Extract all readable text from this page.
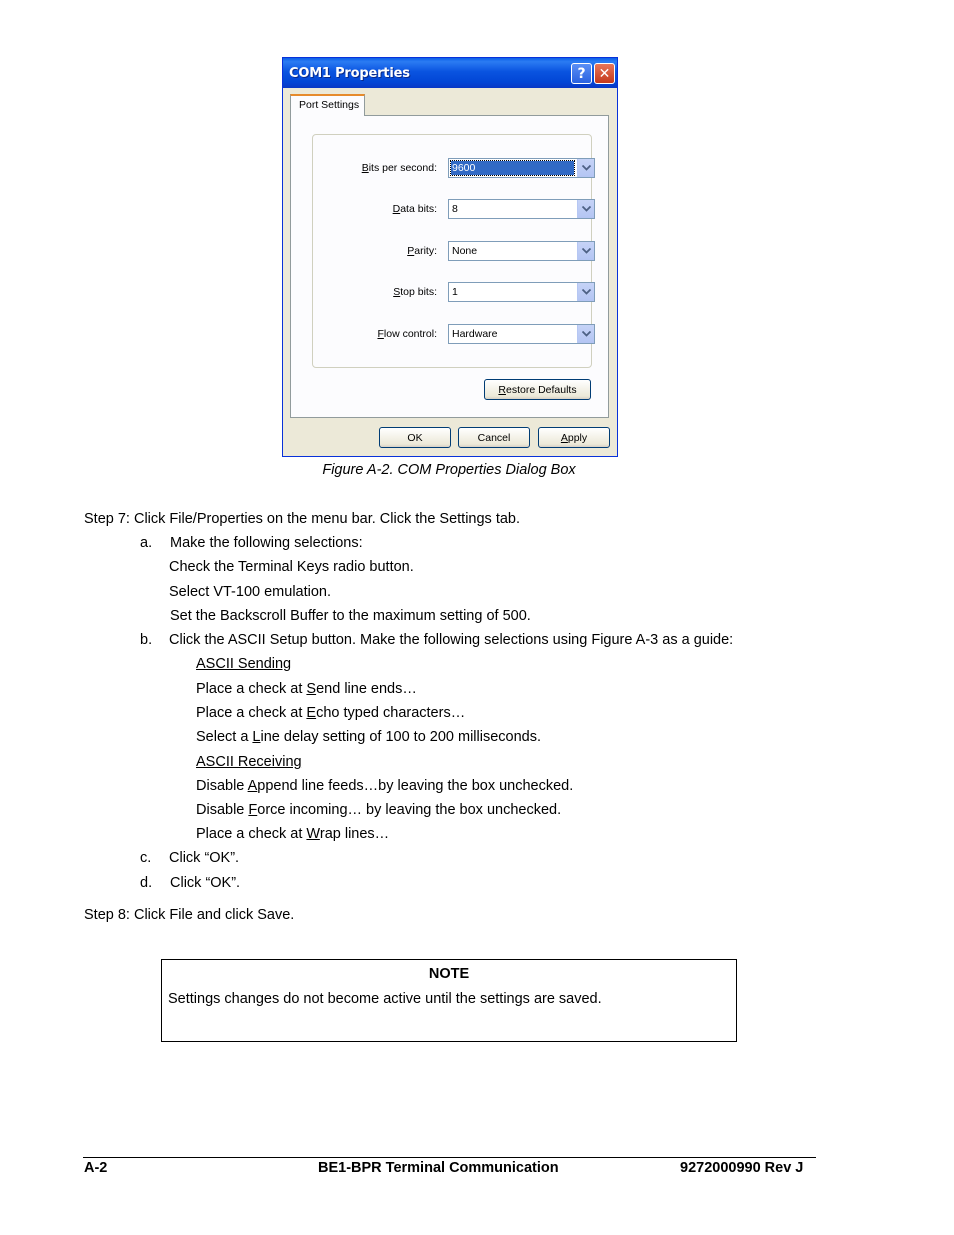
COM1 Properties	? ✕
Port Settings
Bits per second: 9600
Data bits: 8
Parity: None
Stop bits: 1
Flow control: Hardware
R estore Defaults
OK	Cancel	A pply
Figure A-2. COM Properties Dialog Box
Step 7: Click File/Properties on the menu bar. Click the Settings tab.
a. Make the following selections:
Check the Terminal Keys radio button.
Select VT-100 emulation.
Set the Backscroll Buffer to the maximum setting of 500.
b. Click the ASCII Setup button. Make the following selections using Figure A-3 as a guide:
ASCII Sending
Place a check at Send line ends…
Place a check at Echo typed characters…
Select a Line delay setting of 100 to 200 milliseconds.
ASCII Receiving
Disable Append line feeds…by leaving the box unchecked.
Disable Force incoming… by leaving the box unchecked.
Place a check at Wrap lines…
c. Click “OK”.
d. Click “OK”.
Step 8: Click File and click Save.
NOTE
Settings changes do not become active until the settings are saved.
A-2	BE1-BPR Terminal Communication	9272000990 Rev J
